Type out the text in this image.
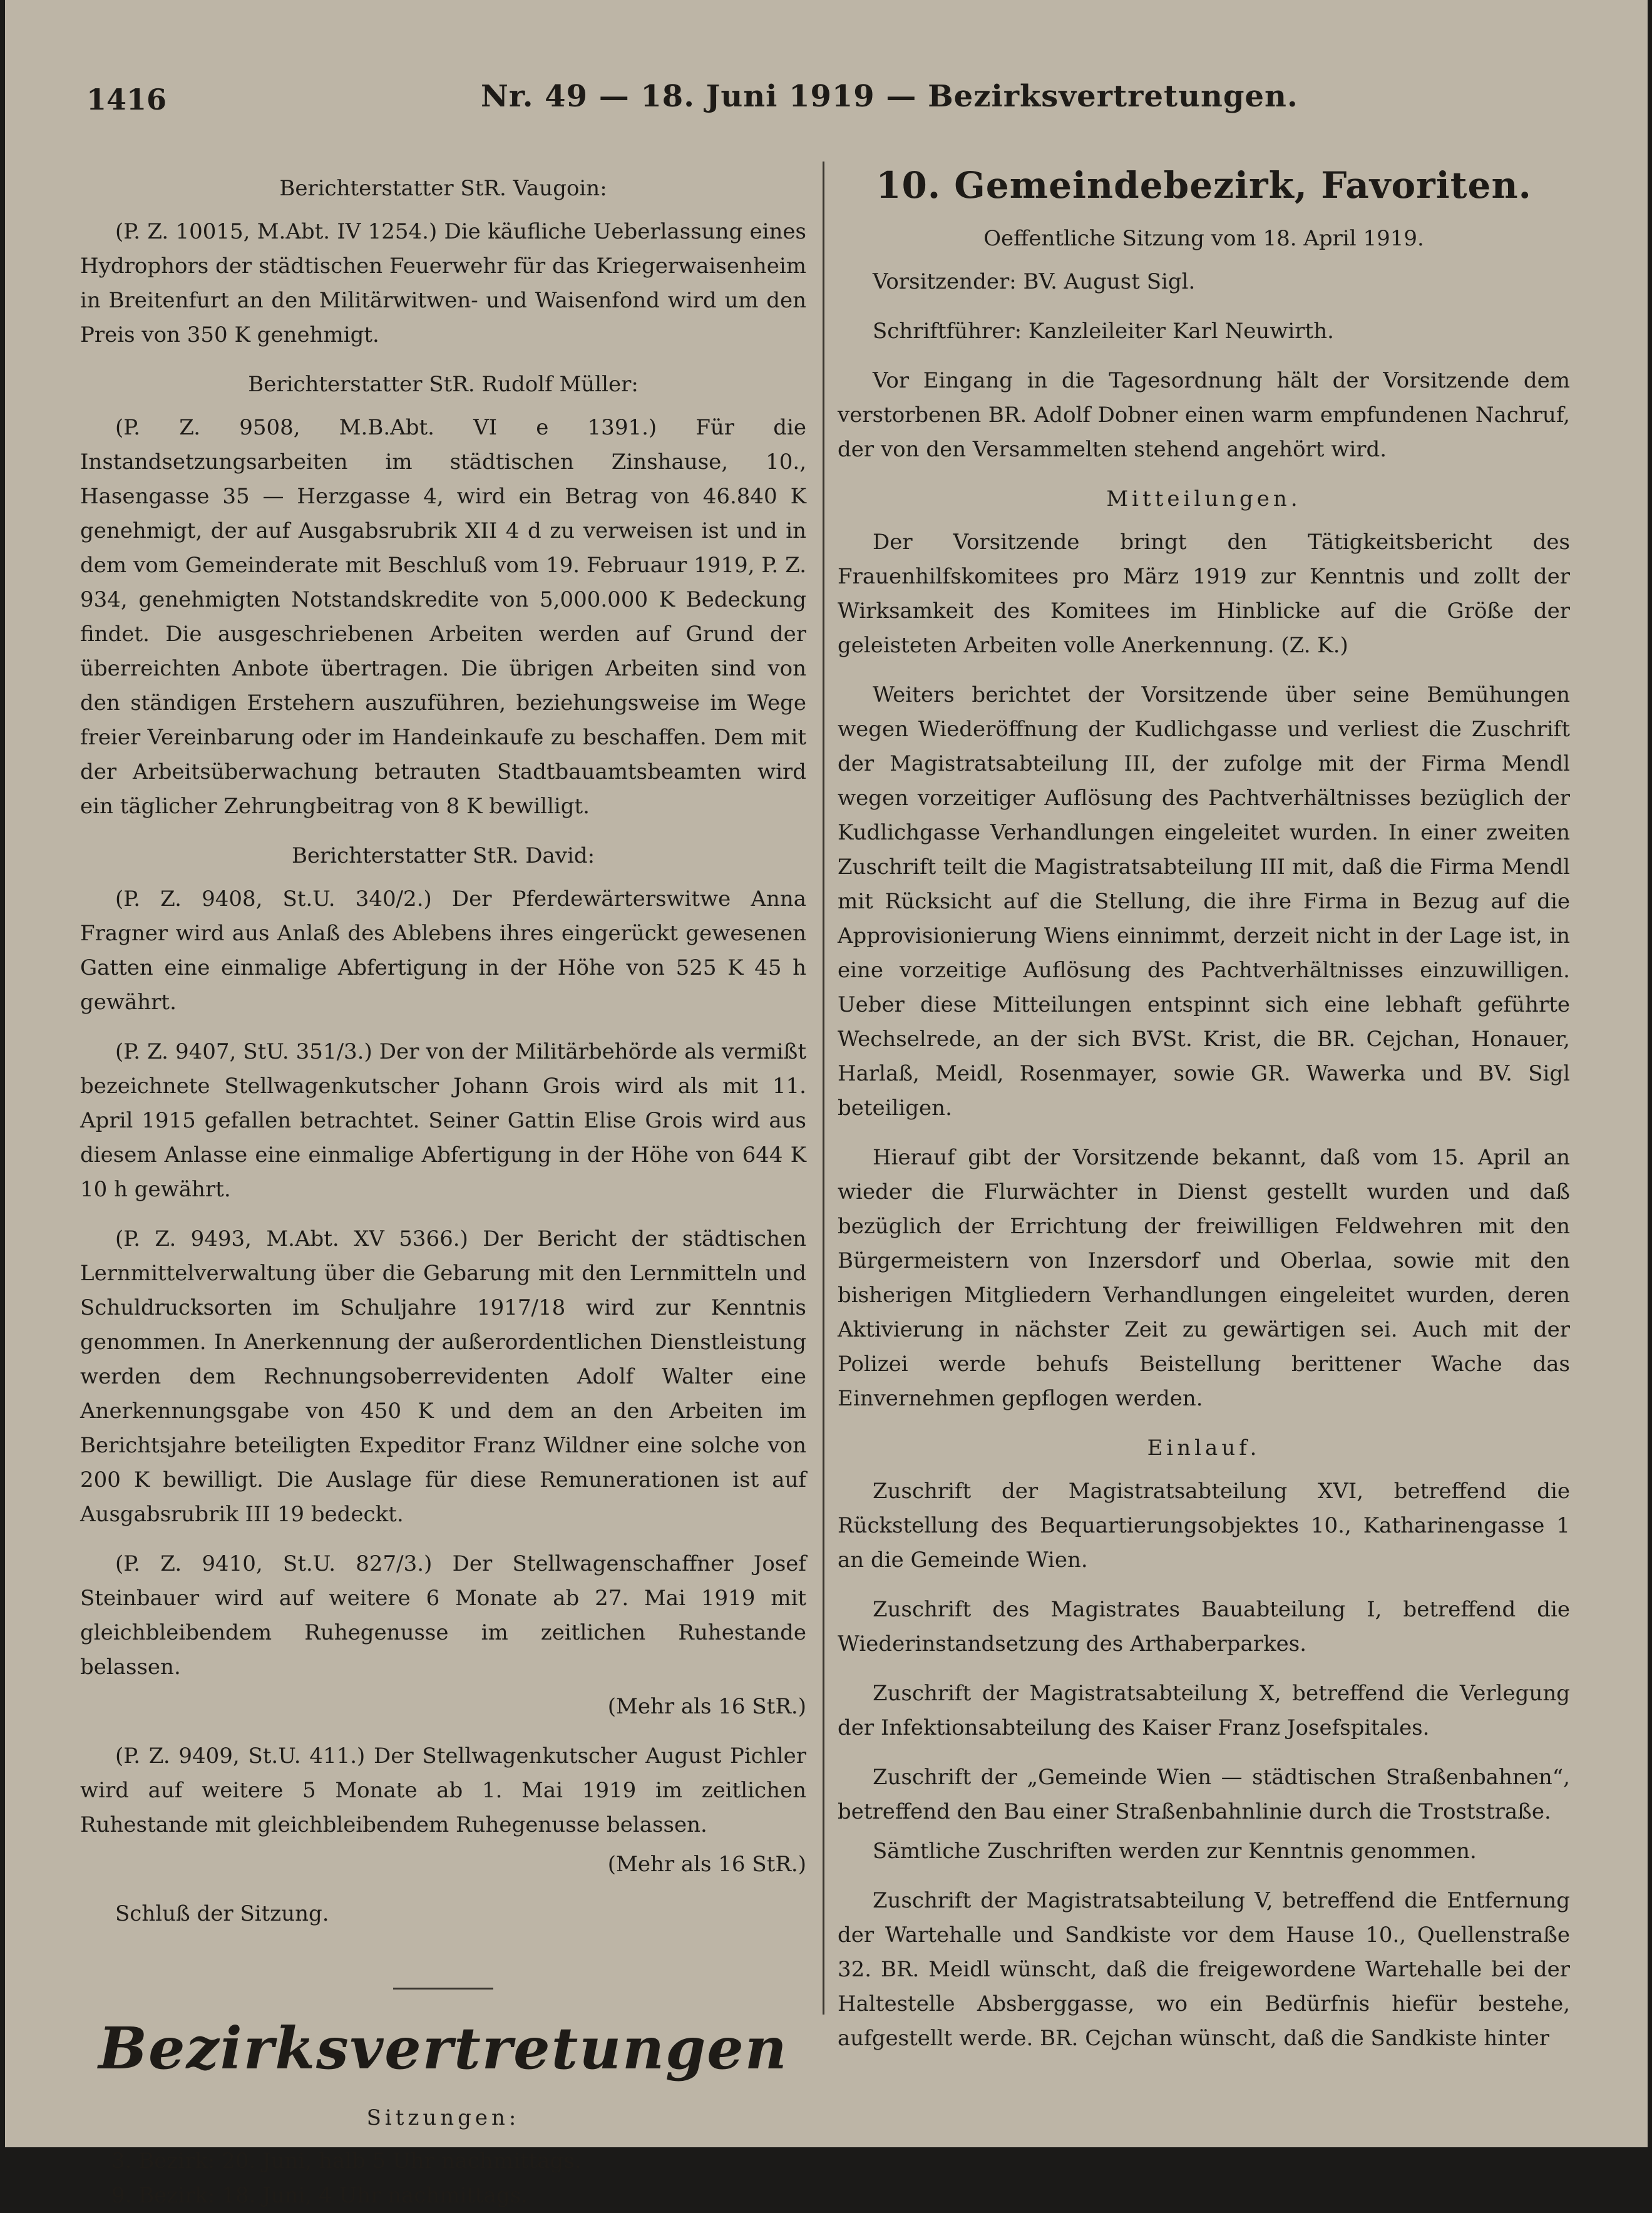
1416	Nr. 49 — 18. Juni 1919 — Bezirksvertretungen.
Berichterstatter StR. Vaugoin:

(P. Z. 10015, M.Abt. IV 1254.) Die käufliche Ueberlassung eines Hydrophors der städtischen Feuerwehr für das Kriegerwaisenheim in Breitenfurt an den Militärwitwen- und Waisenfond wird um den Preis von 350 K genehmigt.

Berichterstatter StR. Rudolf Müller:

(P. Z. 9508, M.B.Abt. VI e 1391.) Für die Instandsetzungsarbeiten im städtischen Zinshause, 10., Hasengasse 35 — Herzgasse 4, wird ein Betrag von 46.840 K genehmigt, der auf Ausgabsrubrik XII 4 d zu verweisen ist und in dem vom Gemeinderate mit Beschluß vom 19. Februaur 1919, P. Z. 934, genehmigten Notstandskredite von 5,000.000 K Bedeckung findet. Die ausgeschriebenen Arbeiten werden auf Grund der überreichten Anbote übertragen. Die übrigen Arbeiten sind von den ständigen Erstehern auszuführen, beziehungsweise im Wege freier Vereinbarung oder im Handeinkaufe zu beschaffen. Dem mit der Arbeitsüberwachung betrauten Stadtbauamtsbeamten wird ein täglicher Zehrungbeitrag von 8 K bewilligt.

Berichterstatter StR. David:

(P. Z. 9408, St.U. 340/2.) Der Pferdewärterswitwe Anna Fragner wird aus Anlaß des Ablebens ihres eingerückt gewesenen Gatten eine einmalige Abfertigung in der Höhe von 525 K 45 h gewährt.

(P. Z. 9407, StU. 351/3.) Der von der Militärbehörde als vermißt bezeichnete Stellwagenkutscher Johann Grois wird als mit 11. April 1915 gefallen betrachtet. Seiner Gattin Elise Grois wird aus diesem Anlasse eine einmalige Abfertigung in der Höhe von 644 K 10 h gewährt.

(P. Z. 9493, M.Abt. XV 5366.) Der Bericht der städtischen Lernmittelverwaltung über die Gebarung mit den Lernmitteln und Schuldrucksorten im Schuljahre 1917/18 wird zur Kenntnis genommen. In Anerkennung der außerordentlichen Dienstleistung werden dem Rechnungsoberrevidenten Adolf Walter eine Anerkennungsgabe von 450 K und dem an den Arbeiten im Berichtsjahre beteiligten Expeditor Franz Wildner eine solche von 200 K bewilligt. Die Auslage für diese Remunerationen ist auf Ausgabsrubrik III 19 bedeckt.

(P. Z. 9410, St.U. 827/3.) Der Stellwagenschaffner Josef Steinbauer wird auf weitere 6 Monate ab 27. Mai 1919 mit gleichbleibendem Ruhegenusse im zeitlichen Ruhestande belassen.

(Mehr als 16 StR.)

(P. Z. 9409, St.U. 411.) Der Stellwagenkutscher August Pichler wird auf weitere 5 Monate ab 1. Mai 1919 im zeitlichen Ruhestande mit gleichbleibendem Ruhegenusse belassen.

(Mehr als 16 StR.)

Schluß der Sitzung.

Bezirksvertretungen
Sitzungen:
3. Bezirk: 20. Juni, halb 5 Uhr nachmittags.
9. Bezirk: 18. Juni, 4 Uhr nachmittags.
10. Gemeindebezirk, Favoriten.
Oeffentliche Sitzung vom 18. April 1919.

Vorsitzender: BV. August Sigl.

Schriftführer: Kanzleileiter Karl Neuwirth.

Vor Eingang in die Tagesordnung hält der Vorsitzende dem verstorbenen BR. Adolf Dobner einen warm empfundenen Nachruf, der von den Versammelten stehend angehört wird.

Mitteilungen.

Der Vorsitzende bringt den Tätigkeitsbericht des Frauenhilfskomitees pro März 1919 zur Kenntnis und zollt der Wirksamkeit des Komitees im Hinblicke auf die Größe der geleisteten Arbeiten volle Anerkennung. (Z. K.)

Weiters berichtet der Vorsitzende über seine Bemühungen wegen Wiederöffnung der Kudlichgasse und verliest die Zuschrift der Magistratsabteilung III, der zufolge mit der Firma Mendl wegen vorzeitiger Auflösung des Pachtverhältnisses bezüglich der Kudlichgasse Verhandlungen eingeleitet wurden. In einer zweiten Zuschrift teilt die Magistratsabteilung III mit, daß die Firma Mendl mit Rücksicht auf die Stellung, die ihre Firma in Bezug auf die Approvisionierung Wiens einnimmt, derzeit nicht in der Lage ist, in eine vorzeitige Auflösung des Pachtverhältnisses einzuwilligen. Ueber diese Mitteilungen entspinnt sich eine lebhaft geführte Wechselrede, an der sich BVSt. Krist, die BR. Cejchan, Honauer, Harlaß, Meidl, Rosenmayer, sowie GR. Wawerka und BV. Sigl beteiligen.

Hierauf gibt der Vorsitzende bekannt, daß vom 15. April an wieder die Flurwächter in Dienst gestellt wurden und daß bezüglich der Errichtung der freiwilligen Feldwehren mit den Bürgermeistern von Inzersdorf und Oberlaa, sowie mit den bisherigen Mitgliedern Verhandlungen eingeleitet wurden, deren Aktivierung in nächster Zeit zu gewärtigen sei. Auch mit der Polizei werde behufs Beistellung berittener Wache das Einvernehmen gepflogen werden.

Einlauf.

Zuschrift der Magistratsabteilung XVI, betreffend die Rückstellung des Bequartierungsobjektes 10., Katharinengasse 1 an die Gemeinde Wien.

Zuschrift des Magistrates Bauabteilung I, betreffend die Wiederinstandsetzung des Arthaberparkes.

Zuschrift der Magistratsabteilung X, betreffend die Verlegung der Infektionsabteilung des Kaiser Franz Josefspitales.

Zuschrift der „Gemeinde Wien — städtischen Straßenbahnen“, betreffend den Bau einer Straßenbahnlinie durch die Troststraße.

Sämtliche Zuschriften werden zur Kenntnis genommen.

Zuschrift der Magistratsabteilung V, betreffend die Entfernung der Wartehalle und Sandkiste vor dem Hause 10., Quellenstraße 32. BR. Meidl wünscht, daß die freigewordene Wartehalle bei der Haltestelle Absberggasse, wo ein Bedürfnis hiefür bestehe, aufgestellt werde. BR. Cejchan wünscht, daß die Sandkiste hinter
